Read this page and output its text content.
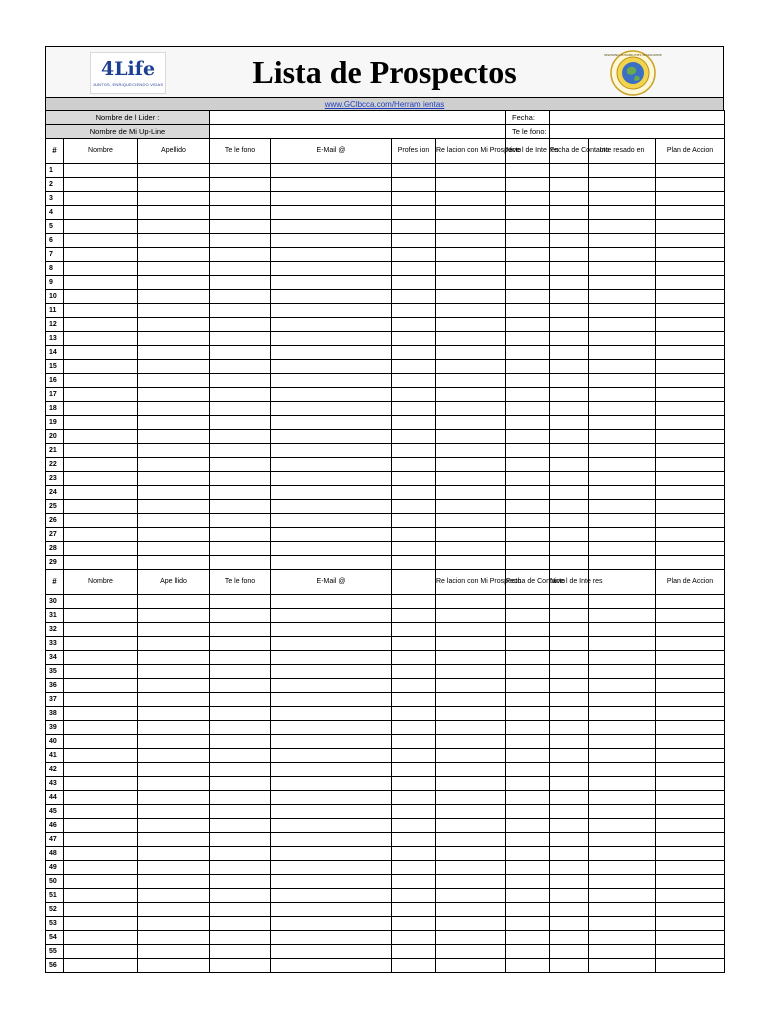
4Life
JUNTOS, ENRIQUECIENDO VIDAS	Lista de Prospectos	INSPIRING POSSIBILITIES WORLDWIDE
www.GClbcca.com/Herram ientas
Nombre de l Lider :							Fecha:			
Nombre de Mi Up-Line							Te le fono:			
#	Nombre	Apellido	Te le fono	E-Mail @	Profes ion	Re lacion con Mi Prospecto	Nive l de Inte res	Fecha de Contacto	Inte resado en	Plan de Accion
1										
2										
3										
4										
5										
6										
7										
8										
9										
10										
11										
12										
13										
14										
15										
16										
17										
18										
19										
20										
21										
22										
23										
24										
25										
26										
27										
28										
29										
#	Nombre	Ape llido	Te le fono	E-Mail @		Re lacion con Mi Prospecto	Fecha de Contacto	Nive l de Inte res		Plan de Accion
30										
31										
32										
33										
34										
35										
36										
37										
38										
39										
40										
41										
42										
43										
44										
45										
46										
47										
48										
49										
50										
51										
52										
53										
54										
55										
56										
